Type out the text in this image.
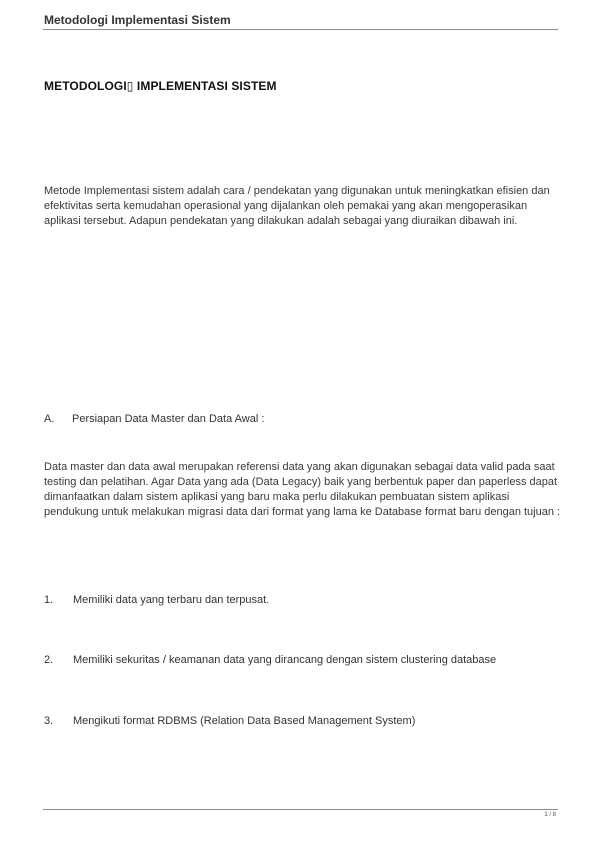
Metodologi Implementasi Sistem
METODOLOGI▯ IMPLEMENTASI SISTEM

Metode Implementasi sistem adalah cara / pendekatan yang digunakan untuk meningkatkan efisien dan efektivitas serta kemudahan operasional yang dijalankan oleh pemakai yang akan mengoperasikan aplikasi tersebut. Adapun pendekatan yang dilakukan adalah sebagai yang diuraikan dibawah ini.

A. Persiapan Data Master dan Data Awal :

Data master dan data awal merupakan referensi data yang akan digunakan sebagai data valid pada saat testing dan pelatihan. Agar Data yang ada (Data Legacy) baik yang berbentuk paper dan paperless dapat dimanfaatkan dalam sistem aplikasi yang baru maka perlu dilakukan pembuatan sistem aplikasi pendukung untuk melakukan migrasi data dari format yang lama ke Database format baru dengan tujuan :

1. Memiliki data yang terbaru dan terpusat.
2. Memiliki sekuritas / keamanan data yang dirancang dengan sistem clustering database
3. Mengikuti format RDBMS (Relation Data Based Management System)
1 / 8
